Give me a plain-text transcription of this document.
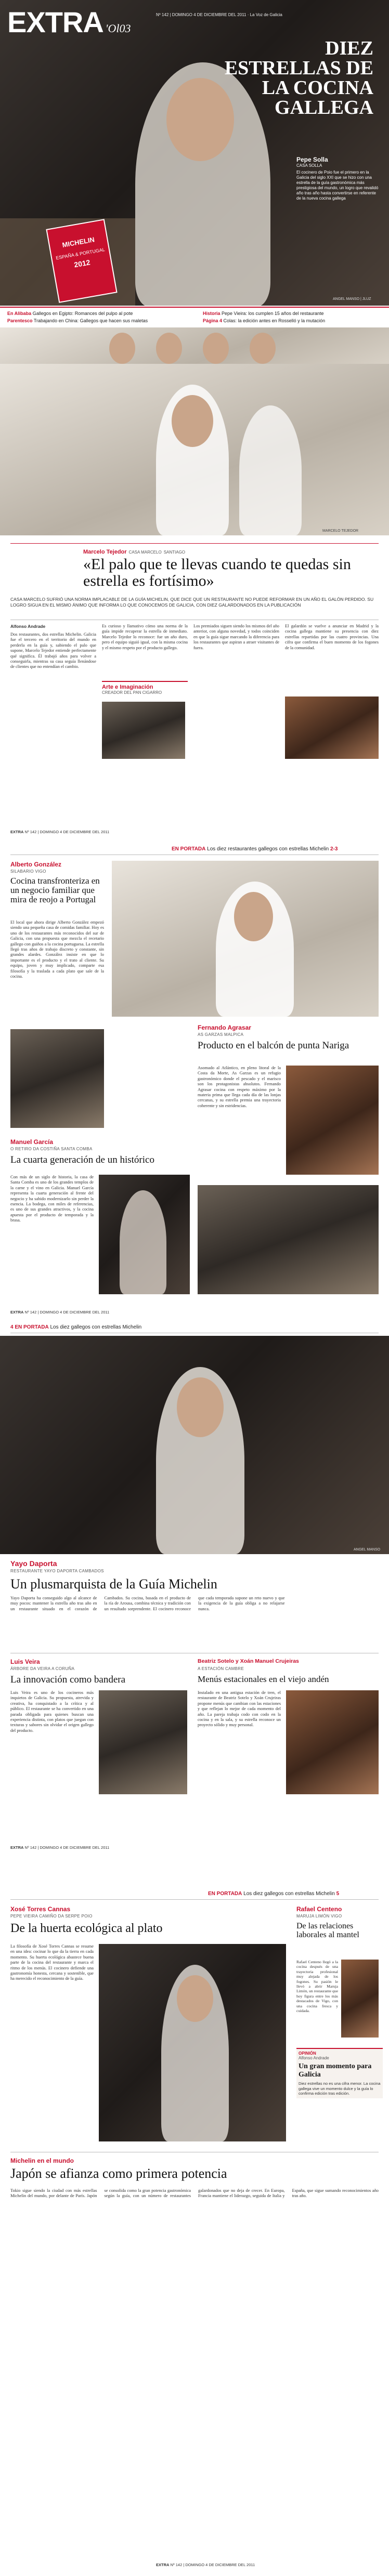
EXTRA 'Ol03
Nº 142 | DOMINGO 4 DE DICIEMBRE DEL 2011 · La Voz de Galicia
DIEZ ESTRELLAS DE LA COCINA GALLEGA
MICHELIN
ESPAÑA & PORTUGAL
2012
Pepe Solla
CASA SOLLA
El cocinero de Poio fue el primero en la Galicia del siglo XXI que se hizo con una estrella de la guía gastronómica más prestigiosa del mundo, un logro que revalidó año tras año hasta convertirse en referente de la nueva cocina gallega
ANGEL MANSO | JLUZ
En Alibaba Gallegos en Egipto: Romances del pulpo al pote
Parentesco Trabajando en China: Gallegos que hacen sus maletas
Historia Pepe Vieira: los cumplen 15 años del restaurante
Página 4 Colas: la edición antes en Rosselló y la mutación
MARCELO TEJEDOR
Marcelo Tejedor CASA MARCELO SANTIAGO
«El palo que te llevas cuando te quedas sin estrella es fortísimo»
CASA MARCELO SUFRIÓ UNA NORMA IMPLACABLE DE LA GUÍA MICHELIN, QUE DICE QUE UN RESTAURANTE NO PUEDE REFORMAR EN UN AÑO EL GALÓN PERDIDO. SU LOGRO SIGUA EN EL MISMO ÁNIMO QUE INFORMA LO QUE CONOCEMOS DE GALICIA, CON DIEZ GALARDONADOS EN LA PUBLICACIÓN
Alfonso Andrade
Dos restaurantes, dos estrellas Michelin. Galicia fue el tercero en el territorio del mundo en perderla en la guía y, sabiendo el palo que supone, Marcelo Tejedor entiende perfectamente qué significa. Él trabajó años para volver a conseguirla, mientras su casa seguía llenándose de clientes que no entendían el cambio.
Es curioso y llamativo cómo una norma de la guía impide recuperar la estrella de inmediato. Marcelo Tejedor lo reconoce: fue un año duro, pero el equipo siguió igual, con la misma cocina y el mismo respeto por el producto gallego.
Los premiados siguen siendo los mismos del año anterior, con alguna novedad, y todos coinciden en que la guía sigue marcando la diferencia para los restaurantes que aspiran a atraer visitantes de fuera.
El galardón se vuelve a anunciar en Madrid y la cocina gallega mantiene su presencia con diez estrellas repartidas por las cuatro provincias. Una cifra que confirma el buen momento de los fogones de la comunidad.
Arte e Imaginación
CREADOR DEL PAN CIGARRO
EXTRA Nº 142 | DOMINGO 4 DE DICIEMBRE DEL 2011
EN PORTADA Los diez restaurantes gallegos con estrellas Michelin 2-3
Alberto González
SILABARIO VIGO
Cocina transfronteriza en un negocio familiar que mira de reojo a Portugal
El local que ahora dirige Alberto González empezó siendo una pequeña casa de comidas familiar. Hoy es uno de los restaurantes más reconocidos del sur de Galicia, con una propuesta que mezcla el recetario gallego con guiños a la cocina portuguesa. La estrella llegó tras años de trabajo discreto y constante, sin grandes alardes. González insiste en que lo importante es el producto y el trato al cliente. Su equipo, joven y muy implicado, comparte esa filosofía y la traslada a cada plato que sale de la cocina.
Manuel García
O RETIRO DA COSTIÑA SANTA COMBA
La cuarta generación de un histórico
Con más de un siglo de historia, la casa de Santa Comba es uno de los grandes templos de la carne y el vino en Galicia. Manuel García representa la cuarta generación al frente del negocio y ha sabido modernizarlo sin perder la esencia. La bodega, con miles de referencias, es uno de sus grandes atractivos, y la cocina apuesta por el producto de temporada y la brasa.
Fernando Agrasar
AS GARZAS MALPICA
Producto en el balcón de punta Nariga
Asomado al Atlántico, en pleno litoral de la Costa da Morte, As Garzas es un refugio gastronómico donde el pescado y el marisco son los protagonistas absolutos. Fernando Agrasar cocina con respeto máximo por la materia prima que llega cada día de las lonjas cercanas, y su estrella premia una trayectoria coherente y sin estridencias.
EXTRA Nº 142 | DOMINGO 4 DE DICIEMBRE DEL 2011
4 EN PORTADA Los diez gallegos con estrellas Michelin
ANGEL MANSO
Yayo Daporta
RESTAURANTE YAYO DAPORTA CAMBADOS
Un plusmarquista de la Guía Michelin
Yayo Daporta ha conseguido algo al alcance de muy pocos: mantener la estrella año tras año en un restaurante situado en el corazón de Cambados. Su cocina, basada en el producto de la ría de Arousa, combina técnica y tradición con un resultado sorprendente. El cocinero reconoce que cada temporada supone un reto nuevo y que la exigencia de la guía obliga a no relajarse nunca.
Luis Veira
ÁRBORE DA VEIRA A CORUÑA
La innovación como bandera
Luis Veira es uno de los cocineros más inquietos de Galicia. Su propuesta, atrevida y creativa, ha conquistado a la crítica y al público. El restaurante se ha convertido en una parada obligada para quienes buscan una experiencia distinta, con platos que juegan con texturas y sabores sin olvidar el origen gallego del producto.
Beatriz Sotelo y Xoán Manuel Crujeiras
A ESTACIÓN CAMBRE
Menús estacionales en el viejo andén
Instalado en una antigua estación de tren, el restaurante de Beatriz Sotelo y Xoán Crujeiras propone menús que cambian con las estaciones y que reflejan lo mejor de cada momento del año. La pareja trabaja codo con codo en la cocina y en la sala, y su estrella reconoce un proyecto sólido y muy personal.
EXTRA Nº 142 | DOMINGO 4 DE DICIEMBRE DEL 2011
EN PORTADA Los diez gallegos con estrellas Michelin 5
Xosé Torres Cannas
PEPE VIEIRA CAMIÑO DA SERPE POIO
De la huerta ecológica al plato
La filosofía de Xosé Torres Cannas se resume en una idea: cocinar lo que da la tierra en cada momento. Su huerta ecológica abastece buena parte de la cocina del restaurante y marca el ritmo de los menús. El cocinero defiende una gastronomía honesta, cercana y sostenible, que ha merecido el reconocimiento de la guía.
Rafael Centeno
MARUJA LIMÓN VIGO
De las relaciones laborales al mantel
Rafael Centeno llegó a la cocina después de una trayectoria profesional muy alejada de los fogones. Su pasión le llevó a abrir Maruja Limón, un restaurante que hoy figura entre los más destacados de Vigo, con una cocina fresca y cuidada.
OPINIÓN
Alfonso Andrade
Un gran momento para Galicia
Diez estrellas no es una cifra menor. La cocina gallega vive un momento dulce y la guía lo confirma edición tras edición.
Michelin en el mundo
Japón se afianza como primera potencia
Tokio sigue siendo la ciudad con más estrellas Michelin del mundo, por delante de París. Japón se consolida como la gran potencia gastronómica según la guía, con un número de restaurantes galardonados que no deja de crecer. En Europa, Francia mantiene el liderazgo, seguida de Italia y España, que sigue sumando reconocimientos año tras año.
EXTRA Nº 142 | DOMINGO 4 DE DICIEMBRE DEL 2011
